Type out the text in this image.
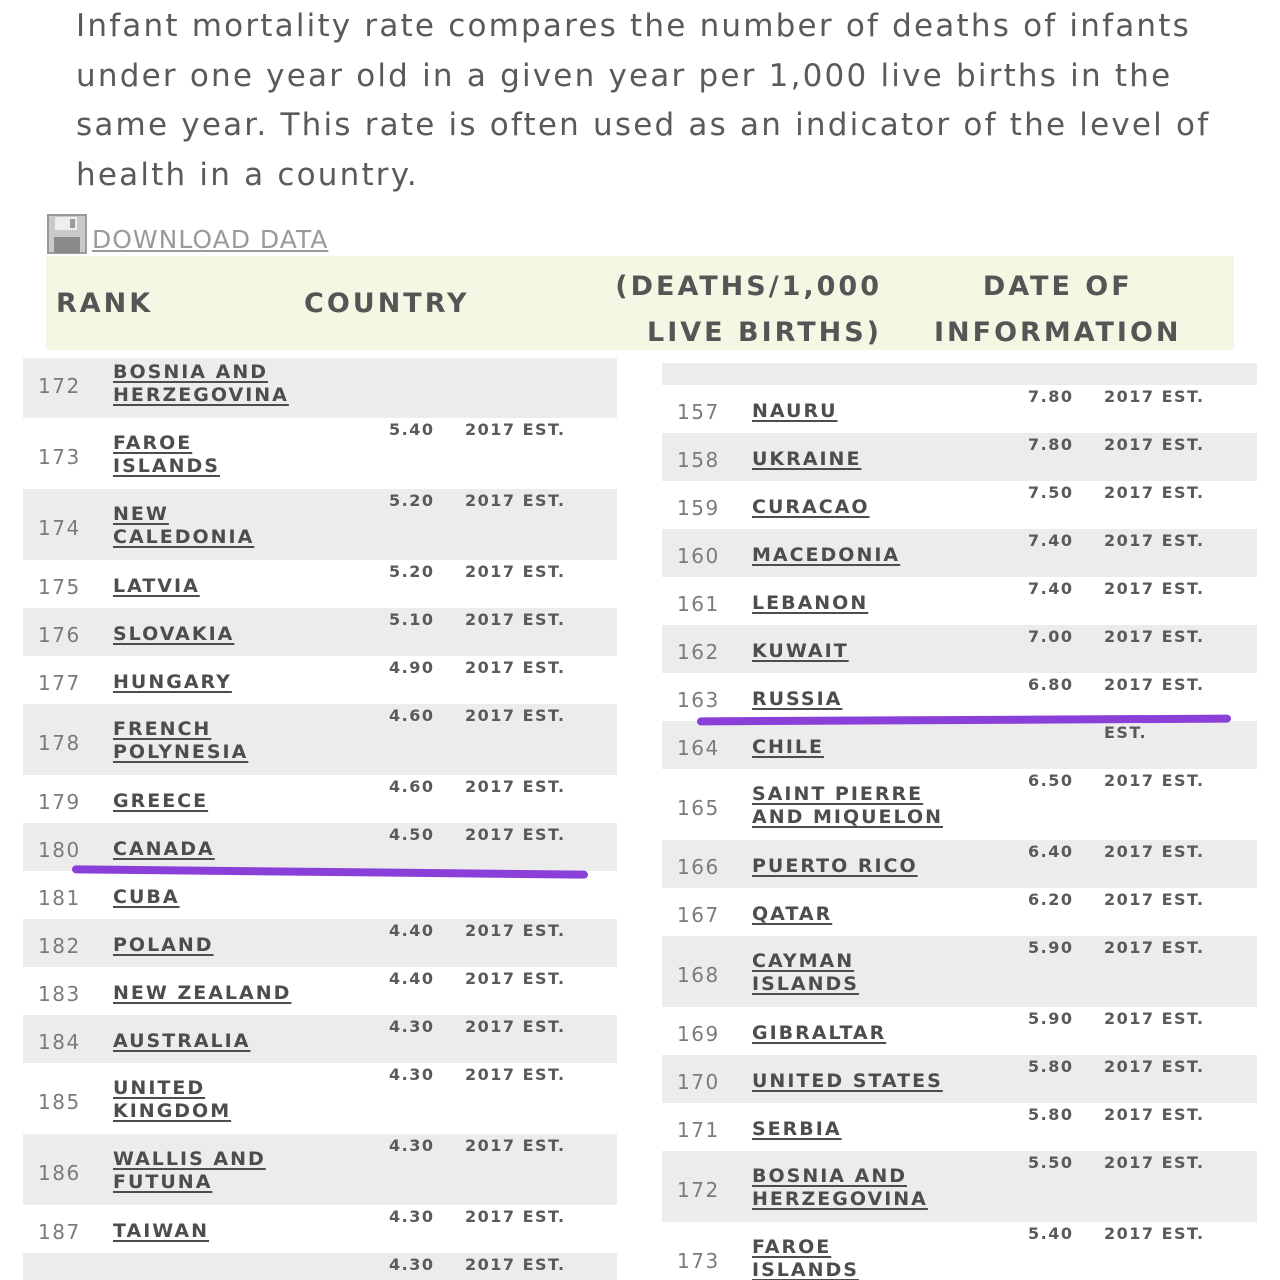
Infant mortality rate compares the number of deaths of infants
under one year old in a given year per 1,000 live births in the
same year. This rate is often used as an indicator of the level of
health in a country.

DOWNLOAD DATA
RANK	COUNTRY
(DEATHS/1,000
LIVE BIRTHS)
DATE OF
INFORMATION
172
BOSNIA AND
HERZEGOVINA
173
FAROE
ISLANDS
5.40 2017 EST.
174
NEW
CALEDONIA
5.20 2017 EST.
175 LATVIA
5.20 2017 EST.
176 SLOVAKIA
5.10 2017 EST.
177 HUNGARY
4.90 2017 EST.
178
FRENCH
POLYNESIA
4.60 2017 EST.
179 GREECE
4.60 2017 EST.
180 CANADA
4.50 2017 EST.
181 CUBA
182 POLAND
4.40 2017 EST.
183 NEW ZEALAND
4.40 2017 EST.
184 AUSTRALIA
4.30 2017 EST.
185
UNITED
KINGDOM
4.30 2017 EST.
186
WALLIS AND
FUTUNA
4.30 2017 EST.
187 TAIWAN
4.30 2017 EST.
4.30 2017 EST.
157 NAURU
7.80 2017 EST.
158 UKRAINE
7.80 2017 EST.
159 CURACAO
7.50 2017 EST.
160 MACEDONIA
7.40 2017 EST.
161 LEBANON
7.40 2017 EST.
162 KUWAIT
7.00 2017 EST.
163 RUSSIA
6.80 2017 EST.
164 CHILE
EST.
165
SAINT PIERRE
AND MIQUELON
6.50 2017 EST.
166 PUERTO RICO
6.40 2017 EST.
167 QATAR
6.20 2017 EST.
168
CAYMAN
ISLANDS
5.90 2017 EST.
169 GIBRALTAR
5.90 2017 EST.
170 UNITED STATES
5.80 2017 EST.
171 SERBIA
5.80 2017 EST.
172
BOSNIA AND
HERZEGOVINA
5.50 2017 EST.
173
FAROE
ISLANDS
5.40 2017 EST.
